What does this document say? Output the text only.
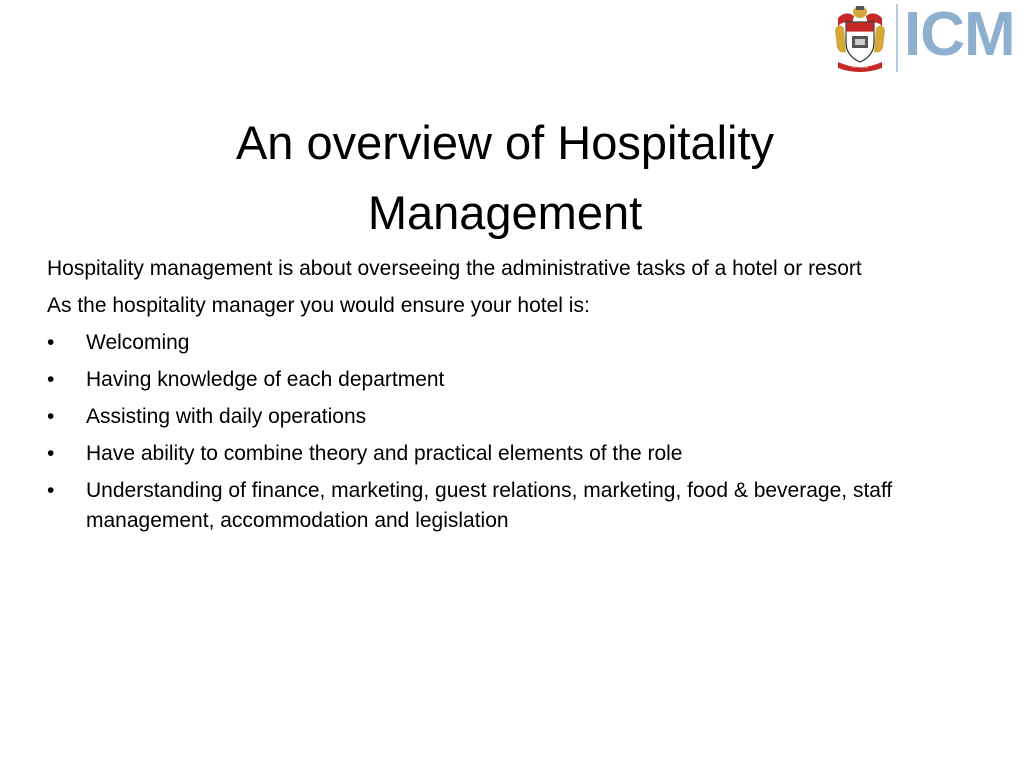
FIRMIUS ICM
An overview of Hospitality
Management

Hospitality management is about overseeing the administrative tasks of a hotel or resort

As the hospitality manager you would ensure your hotel is:

•	Welcoming
•	Having knowledge of each department
•	Assisting with daily operations
•	Have ability to combine theory and practical elements of the role
•	Understanding of finance, marketing, guest relations, marketing, food & beverage, staff management, accommodation and legislation
